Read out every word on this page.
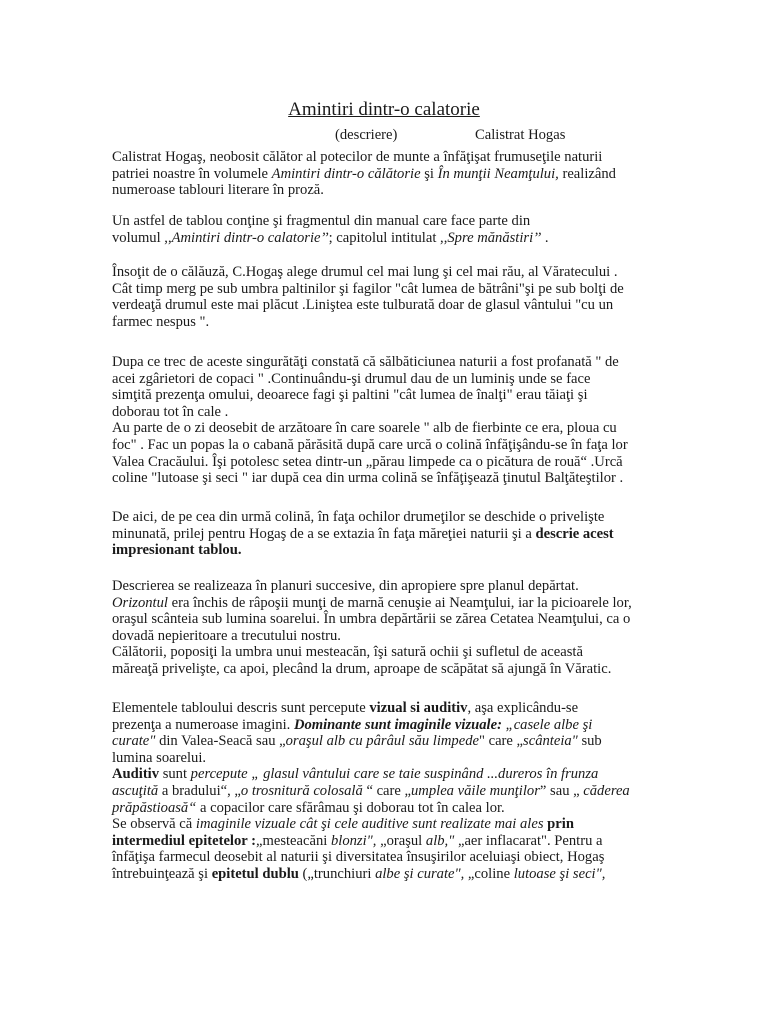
Amintiri dintr-o calatorie
(descriere)	Calistrat Hogas
Calistrat Hogaş, neobosit călător al potecilor de munte a înfăţişat frumuseţile naturii
patriei noastre în volumele Amintiri dintr-o călătorie şi În munţii Neamţului, realizând
numeroase tablouri literare în proză.
Un astfel de tablou conţine şi fragmentul din manual care face parte din
volumul ,,Amintiri dintr-o calatorie’’; capitolul intitulat ,,Spre mănăstiri’’ .
Însoţit de o călăuză, C.Hogaş alege drumul cel mai lung şi cel mai rău, al Văratecului .
Cât timp merg pe sub umbra paltinilor şi fagilor "cât lumea de bătrâni"şi pe sub bolţi de
verdeaţă drumul este mai plăcut .Liniştea este tulburată doar de glasul vântului "cu un
farmec nespus ".
Dupa ce trec de aceste singurătăţi constată că sălbăticiunea naturii a fost profanată " de
acei zgârietori de copaci " .Continuându-şi drumul dau de un luminiş unde se face
simţită prezenţa omului, deoarece fagi şi paltini "cât lumea de înalţi" erau tăiaţi şi
doborau tot în cale .
Au parte de o zi deosebit de arzătoare în care soarele " alb de fierbinte ce era, ploua cu
foc" . Fac un popas la o cabană părăsită după care urcă o colină înfăţişându-se în faţa lor
Valea Cracăului. Îşi potolesc setea dintr-un „părau limpede ca o picătura de rouă“ .Urcă
coline "lutoase şi seci " iar după cea din urma colină se înfăţişează ţinutul Balţăteştilor .
De aici, de pe cea din urmă colină, în faţa ochilor drumeţilor se deschide o privelişte
minunată, prilej pentru Hogaş de a se extazia în faţa măreţiei naturii şi a descrie acest
impresionant tablou.
Descrierea se realizeaza în planuri succesive, din apropiere spre planul depărtat.
Orizontul era închis de râpoşii munţi de marnă cenuşie ai Neamţului, iar la picioarele lor,
oraşul scânteia sub lumina soarelui. În umbra depărtării se zărea Cetatea Neamţului, ca o
dovadă nepieritoare a trecutului nostru.
Călătorii, poposiţi la umbra unui mesteacăn, îşi satură ochii şi sufletul de această
măreaţă privelişte, ca apoi, plecând la drum, aproape de scăpătat să ajungă în Văratic.
Elementele tabloului descris sunt percepute vizual si auditiv, aşa explicându-se
prezenţa a numeroase imagini. Dominante sunt imaginile vizuale: „casele albe şi
curate" din Valea-Seacă sau „oraşul alb cu pârâul său limpede" care „scânteia" sub
lumina soarelui.
Auditiv sunt percepute „ glasul vântului care se taie suspinând ...dureros în frunza
ascuţită a bradului“, „o trosnitură colosală “ care „umplea văile munţilor” sau „ căderea
prăpăstioasă“ a copacilor care sfărâmau şi doborau tot în calea lor.
Se observă că imaginile vizuale cât şi cele auditive sunt realizate mai ales prin
intermediul epitetelor :„mesteacăni blonzi", „oraşul alb," „aer inflacarat". Pentru a
înfăţişa farmecul deosebit al naturii şi diversitatea însuşirilor aceluiaşi obiect, Hogaş
întrebuinţează şi epitetul dublu („trunchiuri albe şi curate", „coline lutoase şi seci",
